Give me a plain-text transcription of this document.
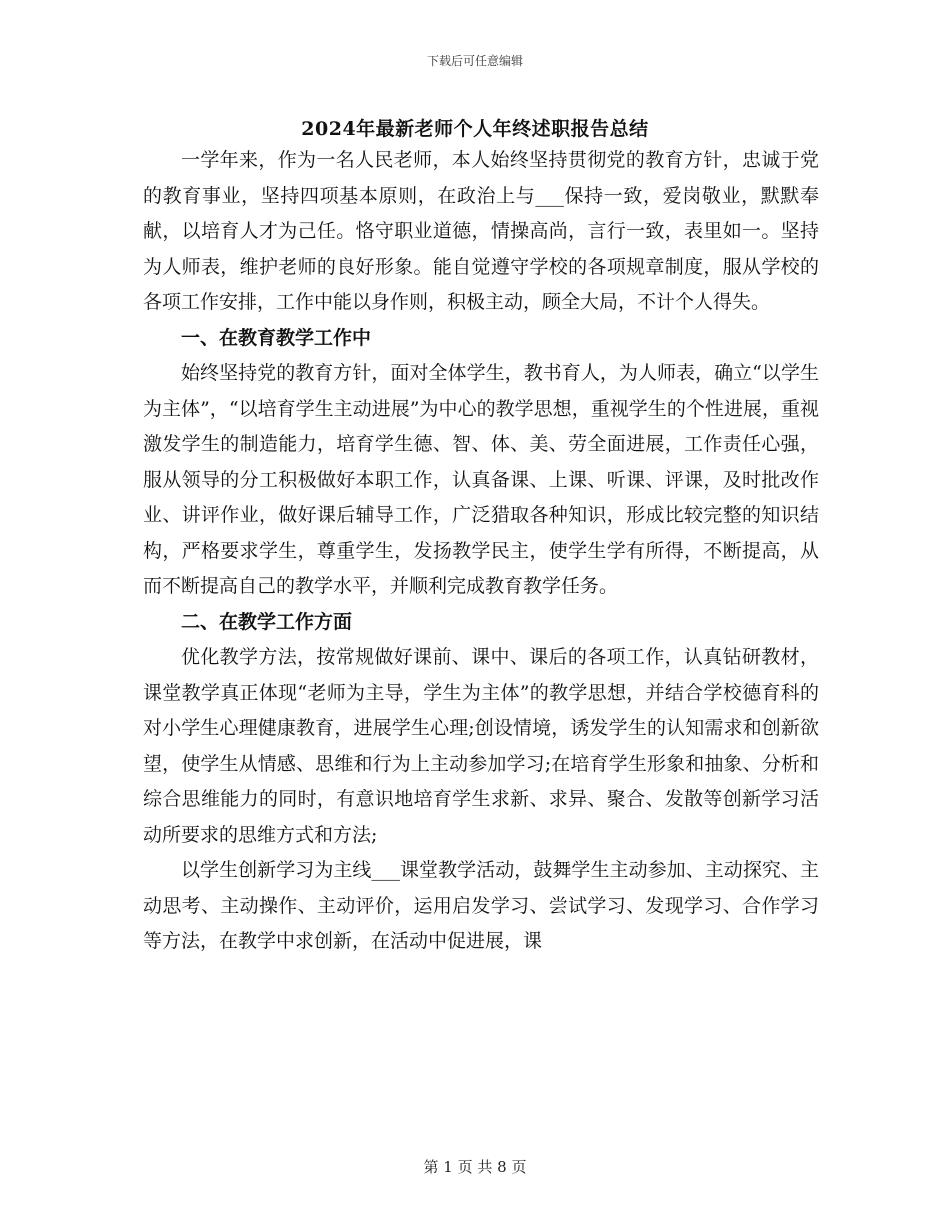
下载后可任意编辑
2024年最新老师个人年终述职报告总结

一学年来，作为一名人民老师，本人始终坚持贯彻党的教育方针，忠诚于党的教育事业，坚持四项基本原则，在政治上与___保持一致，爱岗敬业，默默奉献，以培育人才为己任。恪守职业道德，情操高尚，言行一致，表里如一。坚持为人师表，维护老师的良好形象。能自觉遵守学校的各项规章制度，服从学校的各项工作安排，工作中能以身作则，积极主动，顾全大局，不计个人得失。

一、在教育教学工作中

始终坚持党的教育方针，面对全体学生，教书育人，为人师表，确立“以学生为主体”，“以培育学生主动进展”为中心的教学思想，重视学生的个性进展，重视激发学生的制造能力，培育学生德、智、体、美、劳全面进展，工作责任心强，服从领导的分工积极做好本职工作，认真备课、上课、听课、评课，及时批改作业、讲评作业，做好课后辅导工作，广泛猎取各种知识，形成比较完整的知识结构，严格要求学生，尊重学生，发扬教学民主，使学生学有所得，不断提高，从而不断提高自己的教学水平，并顺利完成教育教学任务。

二、在教学工作方面

优化教学方法，按常规做好课前、课中、课后的各项工作，认真钻研教材，课堂教学真正体现“老师为主导，学生为主体”的教学思想，并结合学校德育科的对小学生心理健康教育，进展学生心理;创设情境，诱发学生的认知需求和创新欲望，使学生从情感、思维和行为上主动参加学习;在培育学生形象和抽象、分析和综合思维能力的同时，有意识地培育学生求新、求异、聚合、发散等创新学习活动所要求的思维方式和方法;

以学生创新学习为主线___课堂教学活动，鼓舞学生主动参加、主动探究、主动思考、主动操作、主动评价，运用启发学习、尝试学习、发现学习、合作学习等方法，在教学中求创新，在活动中促进展，课

第 1 页 共 8 页
